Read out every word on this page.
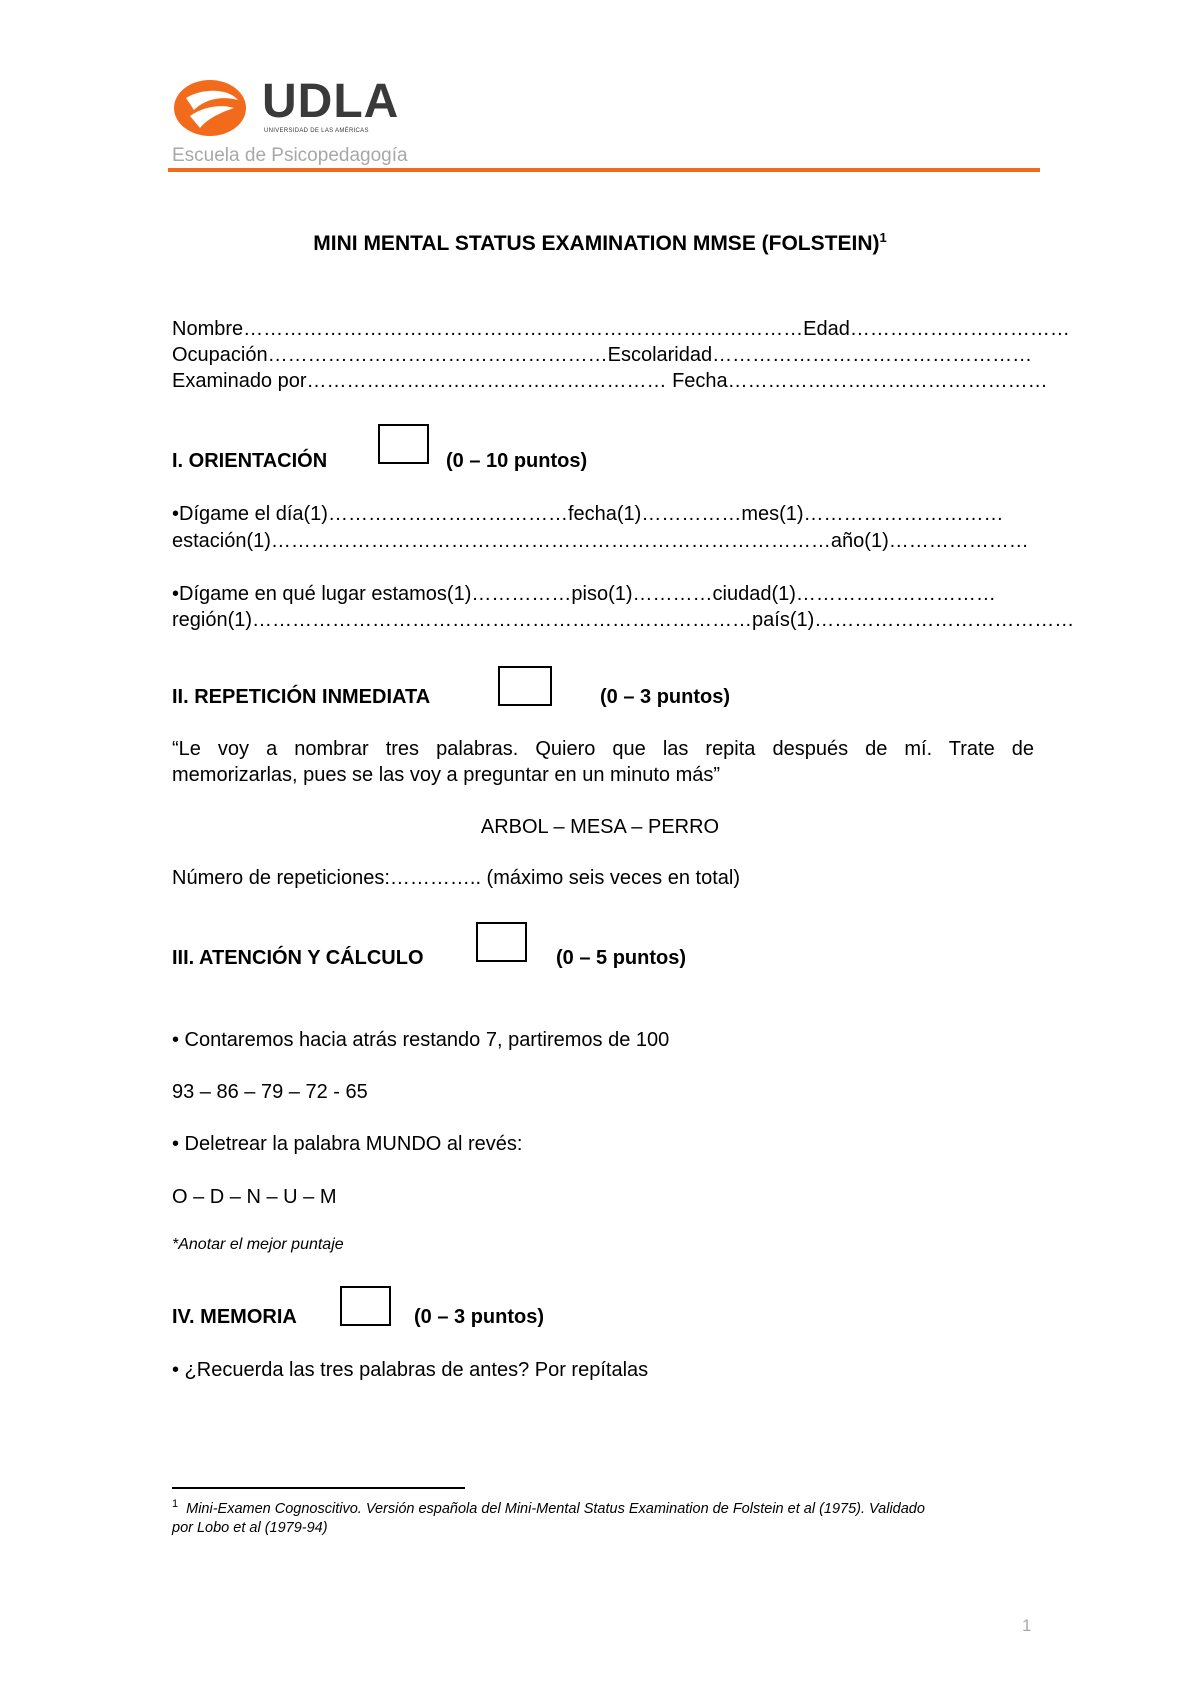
UDLA
UNIVERSIDAD DE LAS AMÉRICAS
Escuela de Psicopedagogía
MINI MENTAL STATUS EXAMINATION MMSE (FOLSTEIN)$^1$
Nombre…………………………………………………………………………Edad……………………………
Ocupación……………………………………………Escolaridad…………………………………………
Examinado por……………………………………………… Fecha…………………………………………
I. ORIENTACIÓN	(0 – 10 puntos)
•Dígame el día(1)………………………………fecha(1)……………mes(1)…………………………
estación(1)…………………………………………………………………………año(1)…………………
•Dígame en qué lugar estamos(1)……………piso(1)…………ciudad(1)…………………………
región(1)…………………………………………………………………país(1)…………………………………
II. REPETICIÓN INMEDIATA	(0 – 3 puntos)
“Le voy a nombrar tres palabras. Quiero que las repita después de mí. Trate de
memorizarlas, pues se las voy a preguntar en un minuto más”
ARBOL – MESA – PERRO
Número de repeticiones:………….. (máximo seis veces en total)
III. ATENCIÓN Y CÁLCULO	(0 – 5 puntos)
• Contaremos hacia atrás restando 7, partiremos de 100
93 – 86 – 79 – 72 - 65
• Deletrear la palabra MUNDO al revés:
O – D – N – U – M
*Anotar el mejor puntaje
IV. MEMORIA	(0 – 3 puntos)
• ¿Recuerda las tres palabras de antes? Por repítalas
$^1$ Mini-Examen Cognoscitivo. Versión española del Mini-Mental Status Examination de Folstein et al (1975). Validado
por Lobo et al (1979-94)
1
